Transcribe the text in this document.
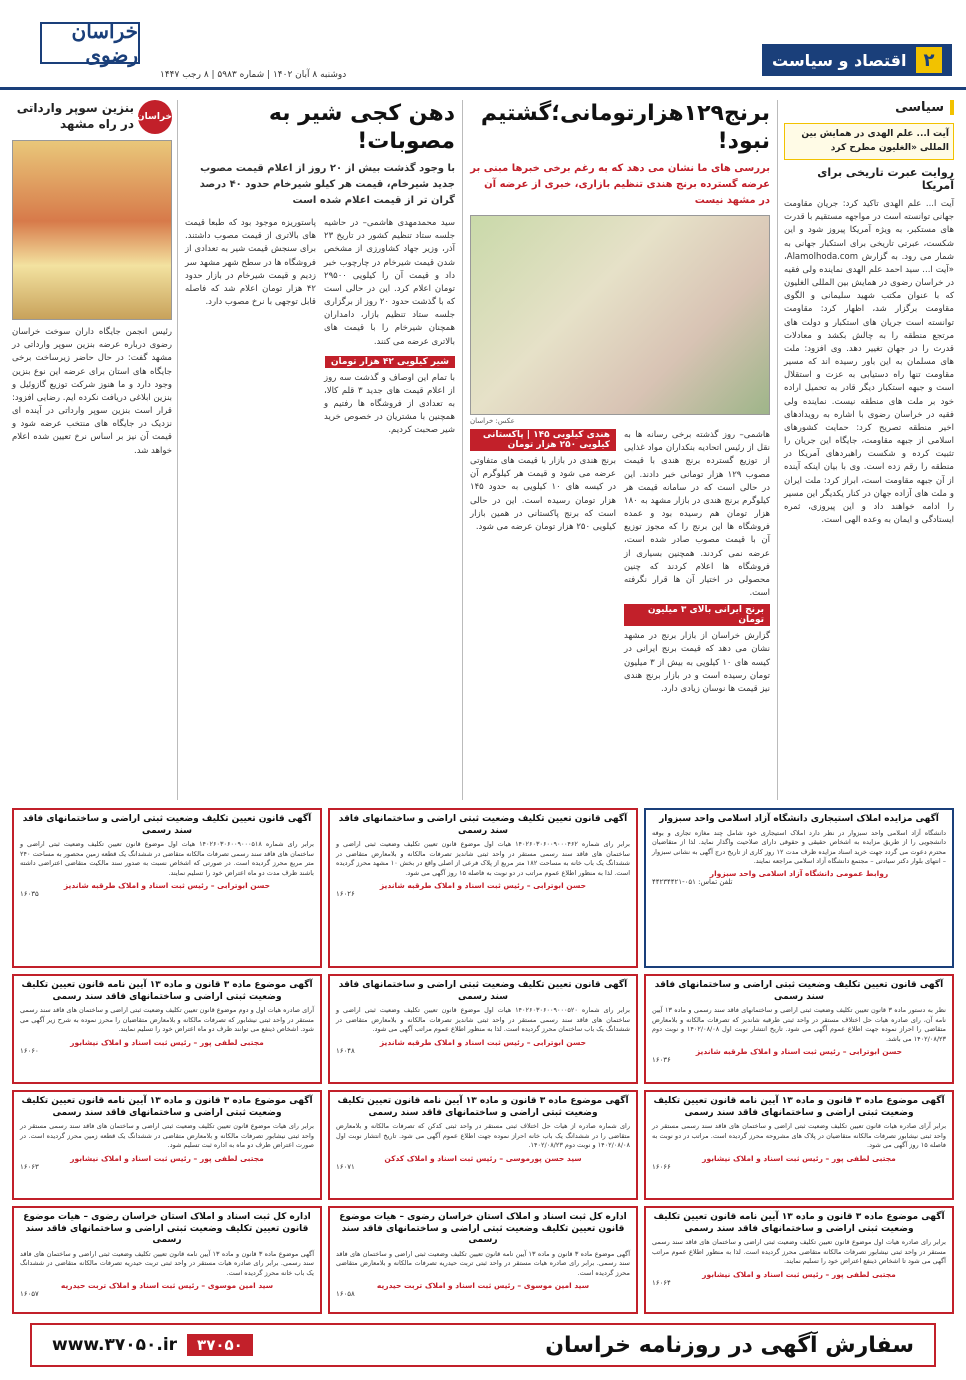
۲
اقتصاد و سیاست
خراسان رضوی
دوشنبه ۸ آبان ۱۴۰۲ | شماره ۵۹۸۳ | ۸ رجب ۱۴۴۷
سیاسی
آیت ا... علم الهدی در همایش بین المللی «الغلیون مطرح کرد
روایت عبرت تاریخی برای آمریکا
آیت ا... علم الهدی تاکید کرد: جریان مقاومت جهانی توانسته است در مواجهه مستقیم با قدرت های مستکبر، به ویژه آمریکا پیروز شود و این شکست، عبرتی تاریخی برای استکبار جهانی به شمار می رود. به گزارش Alamolhoda.com، «آیت ا... سید احمد علم الهدی نماینده ولی فقیه در خراسان رضوی در همایش بین المللی الغلیون که با عنوان مکتب شهید سلیمانی و الگوی مقاومت برگزار شد، اظهار کرد: مقاومت توانسته است جریان های استکبار و دولت های مرتجع منطقه را به چالش بکشد و معادلات قدرت را در جهان تغییر دهد. وی افزود: ملت های مسلمان به این باور رسیده اند که مسیر مقاومت تنها راه دستیابی به عزت و استقلال است و جبهه استکبار دیگر قادر به تحمیل اراده خود بر ملت های منطقه نیست. نماینده ولی فقیه در خراسان رضوی با اشاره به رویدادهای اخیر منطقه تصریح کرد: حمایت کشورهای اسلامی از جبهه مقاومت، جایگاه این جریان را تثبیت کرده و شکست راهبردهای آمریکا در منطقه را رقم زده است. وی با بیان اینکه آینده از آن جبهه مقاومت است، ابراز کرد: ملت ایران و ملت های آزاده جهان در کنار یکدیگر این مسیر را ادامه خواهند داد و این پیروزی، ثمره ایستادگی و ایمان به وعده الهی است.
برنج۱۲۹هزارتومانی؛گشتیم نبود!
بررسی های ما نشان می دهد که به رغم برخی خبرها مبنی بر عرضه گسترده برنج هندی تنظیم بازاری، خبری از عرضه آن در مشهد نیست
عکس: خراسان
هاشمی– روز گذشته برخی رسانه ها به نقل از رئیس اتحادیه بنکداران مواد غذایی از توزیع گسترده برنج هندی با قیمت مصوب ۱۲۹ هزار تومانی خبر دادند. این در حالی است که در سامانه قیمت هر کیلوگرم برنج هندی در بازار مشهد به ۱۸۰ هزار تومان هم رسیده بود و عمده فروشگاه ها این برنج را که مجوز توزیع آن با قیمت مصوب صادر شده است، عرضه نمی کردند. همچنین بسیاری از فروشگاه ها اعلام کردند که چنین محصولی در اختیار آن ها قرار نگرفته است.
برنج ایرانی بالای ۳ میلیون تومان
گزارش خراسان از بازار برنج در مشهد نشان می دهد که قیمت برنج ایرانی در کیسه های ۱۰ کیلویی به بیش از ۳ میلیون تومان رسیده است و در بازار برنج هندی نیز قیمت ها نوسان زیادی دارد.
هندی کیلویی ۱۴۵ | پاکستانی کیلویی ۲۵۰ هزار تومان
برنج هندی در بازار با قیمت های متفاوتی عرضه می شود و قیمت هر کیلوگرم آن در کیسه های ۱۰ کیلویی به حدود ۱۴۵ هزار تومان رسیده است. این در حالی است که برنج پاکستانی در همین بازار کیلویی ۲۵۰ هزار تومان عرضه می شود.
دهن کجی شیر به مصوبات!
با وجود گذشت بیش از ۲۰ روز از اعلام قیمت مصوب جدید شیرخام، قیمت هر کیلو شیرخام حدود ۴۰ درصد گران تر از قیمت اعلام شده است
سید محمدمهدی هاشمی– در حاشیه جلسه ستاد تنظیم کشور در تاریخ ۲۳ آذر، وزیر جهاد کشاورزی از مشخص شدن قیمت شیرخام در چارچوب خبر داد و قیمت آن را کیلویی ۲۹۵۰۰ تومان اعلام کرد. این در حالی است که با گذشت حدود ۲۰ روز از برگزاری جلسه ستاد تنظیم بازار، دامداران همچنان شیرخام را با قیمت های بالاتری عرضه می کنند.
شیر کیلویی ۴۲ هزار تومان
با تمام این اوصاف و گذشت سه روز از اعلام قیمت های جدید ۳ قلم کالا، به تعدادی از فروشگاه ها رفتیم و همچنین با مشتریان در خصوص خرید شیر صحبت کردیم.
پاستوریزه موجود بود که طبعا قیمت های بالاتری از قیمت مصوب داشتند. برای سنجش قیمت شیر به تعدادی از فروشگاه ها در سطح شهر مشهد سر زدیم و قیمت شیرخام در بازار حدود ۴۲ هزار تومان اعلام شد که فاصله قابل توجهی با نرخ مصوب دارد.
خراسان
بنزین سوپر وارداتی در راه مشهد
رئیس انجمن جایگاه داران سوخت خراسان رضوی درباره عرضه بنزین سوپر وارداتی در مشهد گفت: در حال حاضر زیرساخت برخی جایگاه های استان برای عرضه این نوع بنزین وجود دارد و ما هنوز شرکت توزیع گازوئیل و بنزین ابلاغی دریافت نکرده ایم. رضایی افزود: قرار است بنزین سوپر وارداتی در آینده ای نزدیک در جایگاه های منتخب عرضه شود و قیمت آن نیز بر اساس نرخ تعیین شده اعلام خواهد شد.
آگهی مزایده املاک استیجاری دانشگاه آزاد اسلامی واحد سبزوار
دانشگاه آزاد اسلامی واحد سبزوار در نظر دارد املاک استیجاری خود شامل چند مغازه تجاری و بوفه دانشجویی را از طریق مزایده به اشخاص حقیقی و حقوقی دارای صلاحیت واگذار نماید. لذا از متقاضیان محترم دعوت می گردد جهت خرید اسناد مزایده ظرف مدت ۱۲ روز کاری از تاریخ درج آگهی به نشانی سبزوار – انتهای بلوار دکتر سیادتی – مجتمع دانشگاه آزاد اسلامی مراجعه نمایند.
روابط عمومی دانشگاه آزاد اسلامی واحد سبزوار
تلفن تماس: ۰۵۱-۴۴۲۳۴۴۲۱
آگهی قانون تعیین تکلیف وضعیت ثبتی اراضی و ساختمانهای فاقد سند رسمی
برابر رای شماره ۱۴۰۲۶۰۳۰۶۰۰۹۰۰۰۴۶۲ هیات اول موضوع قانون تعیین تکلیف وضعیت ثبتی اراضی و ساختمان های فاقد سند رسمی مستقر در واحد ثبتی شاندیز تصرفات مالکانه و بلامعارض متقاضی در ششدانگ یک باب خانه به مساحت ۱۸۲ متر مربع از پلاک فرعی از اصلی واقع در بخش ۱۰ مشهد محرز گردیده است. لذا به منظور اطلاع عموم مراتب در دو نوبت به فاصله ۱۵ روز آگهی می شود.
حسن ابوترابی – رئیس ثبت اسناد و املاک طرقبه شاندیز
۱۶۰۲۶
آگهی قانون تعیین تکلیف وضعیت ثبتی اراضی و ساختمانهای فاقد سند رسمی
برابر رای شماره ۱۴۰۲۶۰۳۰۶۰۰۹۰۰۰۵۱۸ هیات اول موضوع قانون تعیین تکلیف وضعیت ثبتی اراضی و ساختمان های فاقد سند رسمی تصرفات مالکانه متقاضی در ششدانگ یک قطعه زمین محصور به مساحت ۲۴۰ متر مربع محرز گردیده است. در صورتی که اشخاص نسبت به صدور سند مالکیت متقاضی اعتراضی داشته باشند ظرف مدت دو ماه اعتراض خود را تسلیم نمایند.
حسن ابوترابی – رئیس ثبت اسناد و املاک طرقبه شاندیز
۱۶۰۳۵
آگهی قانون تعیین تکلیف وضعیت ثبتی اراضی و ساختمانهای فاقد سند رسمی
نظر به دستور ماده ۳ قانون تعیین تکلیف وضعیت ثبتی اراضی و ساختمانهای فاقد سند رسمی و ماده ۱۳ آیین نامه آن، رای صادره هیات حل اختلاف مستقر در واحد ثبتی طرقبه شاندیز که تصرفات مالکانه و بلامعارض متقاضی را احراز نموده جهت اطلاع عموم آگهی می شود. تاریخ انتشار نوبت اول ۱۴۰۲/۰۸/۰۸ و نوبت دوم ۱۴۰۲/۰۸/۲۳ می باشد.
حسن ابوترابی – رئیس ثبت اسناد و املاک طرقبه شاندیز
۱۶۰۳۶
آگهی قانون تعیین تکلیف وضعیت ثبتی اراضی و ساختمانهای فاقد سند رسمی
برابر رای شماره ۱۴۰۲۶۰۳۰۶۰۰۹۰۰۰۵۲۰ هیات اول موضوع قانون تعیین تکلیف وضعیت ثبتی اراضی و ساختمان های فاقد سند رسمی مستقر در واحد ثبتی شاندیز تصرفات مالکانه و بلامعارض متقاضی در ششدانگ یک باب ساختمان محرز گردیده است. لذا به منظور اطلاع عموم مراتب آگهی می شود.
حسن ابوترابی – رئیس ثبت اسناد و املاک طرقبه شاندیز
۱۶۰۴۸
آگهی موضوع ماده ۳ قانون و ماده ۱۳ آیین نامه قانون تعیین تکلیف وضعیت ثبتی اراضی و ساختمانهای فاقد سند رسمی
آرای صادره هیات اول و دوم موضوع قانون تعیین تکلیف وضعیت ثبتی اراضی و ساختمان های فاقد سند رسمی مستقر در واحد ثبتی نیشابور که تصرفات مالکانه و بلامعارض متقاضیان را محرز نموده به شرح زیر آگهی می شود. اشخاص ذینفع می توانند ظرف دو ماه اعتراض خود را تسلیم نمایند.
مجتبی لطفی پور – رئیس ثبت اسناد و املاک نیشابور
۱۶۰۶۰
آگهی موضوع ماده ۳ قانون و ماده ۱۳ آیین نامه قانون تعیین تکلیف وضعیت ثبتی اراضی و ساختمانهای فاقد سند رسمی
برابر آرای صادره هیات قانون تعیین تکلیف وضعیت ثبتی اراضی و ساختمان های فاقد سند رسمی مستقر در واحد ثبتی نیشابور تصرفات مالکانه متقاضیان در پلاک های مشروحه محرز گردیده است. مراتب در دو نوبت به فاصله ۱۵ روز آگهی می شود.
مجتبی لطفی پور – رئیس ثبت اسناد و املاک نیشابور
۱۶۰۶۶
آگهی موضوع ماده ۳ قانون و ماده ۱۳ آیین نامه قانون تعیین تکلیف وضعیت ثبتی اراضی و ساختمانهای فاقد سند رسمی
رای شماره صادره از هیات حل اختلاف ثبتی مستقر در واحد ثبتی کدکن که تصرفات مالکانه و بلامعارض متقاضی را در ششدانگ یک باب خانه احراز نموده جهت اطلاع عموم آگهی می شود. تاریخ انتشار نوبت اول ۱۴۰۲/۰۸/۰۸ و نوبت دوم ۱۴۰۲/۰۸/۲۳.
سید حسن پورموسی – رئیس ثبت اسناد و املاک کدکن
۱۶۰۷۱
آگهی موضوع ماده ۳ قانون و ماده ۱۳ آیین نامه قانون تعیین تکلیف وضعیت ثبتی اراضی و ساختمانهای فاقد سند رسمی
برابر رای هیات موضوع قانون تعیین تکلیف وضعیت ثبتی اراضی و ساختمان های فاقد سند رسمی مستقر در واحد ثبتی نیشابور تصرفات مالکانه و بلامعارض متقاضی در ششدانگ یک قطعه زمین محرز گردیده است. در صورت اعتراض ظرف دو ماه به اداره ثبت تسلیم شود.
مجتبی لطفی پور – رئیس ثبت اسناد و املاک نیشابور
۱۶۰۶۳
آگهی موضوع ماده ۳ قانون و ماده ۱۳ آیین نامه قانون تعیین تکلیف وضعیت ثبتی اراضی و ساختمانهای فاقد سند رسمی
برابر رای صادره هیات اول موضوع قانون تعیین تکلیف وضعیت ثبتی اراضی و ساختمان های فاقد سند رسمی مستقر در واحد ثبتی نیشابور تصرفات مالکانه متقاضی محرز گردیده است. لذا به منظور اطلاع عموم مراتب آگهی می شود تا اشخاص ذینفع اعتراض خود را تسلیم نمایند.
مجتبی لطفی پور – رئیس ثبت اسناد و املاک نیشابور
۱۶۰۶۴
اداره کل ثبت اسناد و املاک استان خراسان رضوی – هیات موضوع قانون تعیین تکلیف وضعیت ثبتی اراضی و ساختمانهای فاقد سند رسمی
آگهی موضوع ماده ۳ قانون و ماده ۱۳ آیین نامه قانون تعیین تکلیف وضعیت ثبتی اراضی و ساختمان های فاقد سند رسمی. برابر رای صادره هیات مستقر در واحد ثبتی تربت حیدریه تصرفات مالکانه و بلامعارض متقاضی محرز گردیده است.
سید امین موسوی – رئیس ثبت اسناد و املاک تربت حیدریه
۱۶۰۵۸
اداره کل ثبت اسناد و املاک استان خراسان رضوی – هیات موضوع قانون تعیین تکلیف وضعیت ثبتی اراضی و ساختمانهای فاقد سند رسمی
آگهی موضوع ماده ۳ قانون و ماده ۱۳ آیین نامه قانون تعیین تکلیف وضعیت ثبتی اراضی و ساختمان های فاقد سند رسمی. برابر رای صادره هیات مستقر در واحد ثبتی تربت حیدریه تصرفات مالکانه متقاضی در ششدانگ یک باب خانه محرز گردیده است.
سید امین موسوی – رئیس ثبت اسناد و املاک تربت حیدریه
۱۶۰۵۷
سفارش آگهی در روزنامه خراسان
۳۷۰۵۰
www.۳۷۰۵۰.ir
